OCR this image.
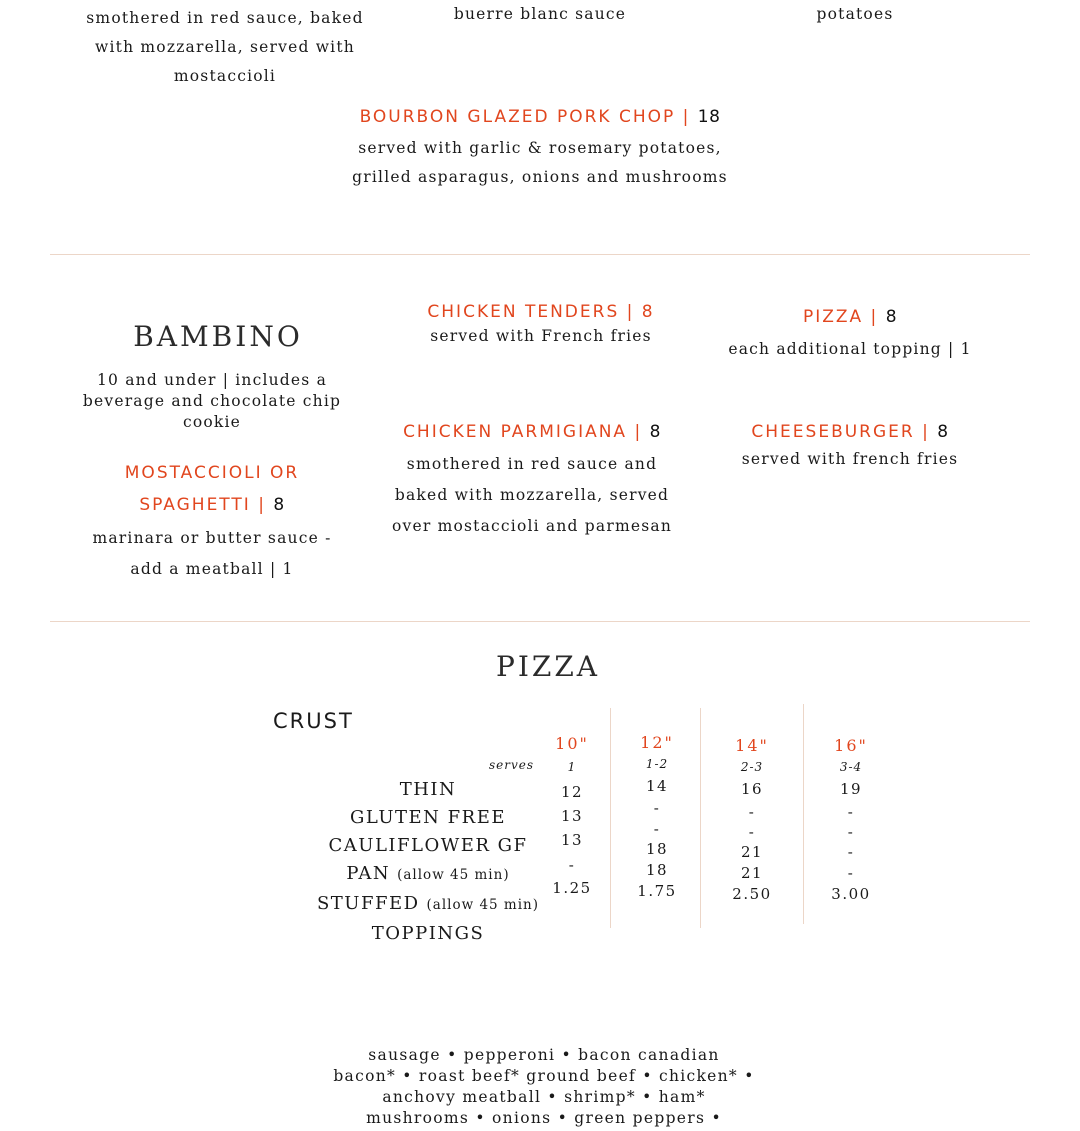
smothered in red sauce, baked
with mozzarella, served with
mostaccioli
buerre blanc sauce	potatoes
BOURBON GLAZED PORK CHOP | 18
served with garlic & rosemary potatoes,
grilled asparagus, onions and mushrooms
BAMBINO
10 and under | includes a
beverage and chocolate chip
cookie
MOSTACCIOLI OR
SPAGHETTI | 8
marinara or butter sauce -
add a meatball | 1
CHICKEN TENDERS | 8
served with French fries
CHICKEN PARMIGIANA | 8
smothered in red sauce and
baked with mozzarella, served
over mostaccioli and parmesan
PIZZA | 8
each additional topping | 1
CHEESEBURGER | 8
served with french fries
PIZZA
CRUST
serves
THIN
GLUTEN FREE
CAULIFLOWER GF
PAN (allow 45 min)
STUFFED (allow 45 min)
TOPPINGS
10"
1
12
13
13
-
1.25
12"
1-2
14
-
-
18
18
1.75
14"
2-3
16
-
-
21
21
2.50
16"
3-4
19
-
-
-
-
3.00
sausage • pepperoni • bacon canadian
bacon* • roast beef* ground beef • chicken* •
anchovy meatball • shrimp* • ham*
mushrooms • onions • green peppers •
